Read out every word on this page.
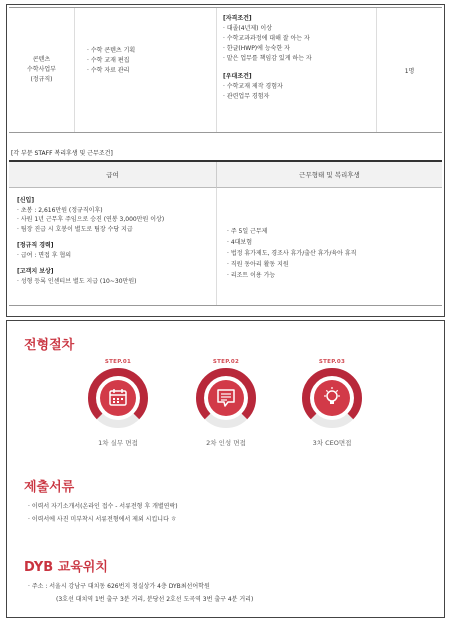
콘텐츠
수학사업부
(정규직)
· 수학 콘텐츠 기획
· 수학 교재 편집
· 수학 자료 관리
[자격조건]
· 대졸(4년제) 이상
· 수학교과과정에 대해 잘 아는 자
· 한글(HWP)에 능숙한 자
· 맡은 업무를 책임감 있게 하는 자
[우대조건]
· 수학교재 제작 경험자
· 관련업무 경험자
1명
[각 부문 STAFF 복리후생 및 근무조건]
급여	근무형태 및 복리후생
[신입]
· 초봉 : 2,616만원 (정규직이후)
· 사원 1년 근무후 주임으로 승진 (연봉 3,000만원 이상)
· 팀장 진급 시 호봉이 별도로 팀장 수당 지급
[정규직 경력]
· 급여 : 면접 후 협의
[고객지 보상]
· 성형 등록 인센티브 별도 지급 (10~30만원)
· 주 5일 근무제
· 4대보험
· 법정 휴가제도, 경조사 휴가/출산 휴가/육아 휴직
· 직원 동아리 활동 지원
· 리조트 이용 가능
전형절차
STEP.01
1차 실무 면접
STEP.02
2차 인성 면접
STEP.03
3차 CEO면접
제출서류
· 이력서 자기소개서(온라인 접수 - 서류전형 후 개별연락)
· 이력서에 사진 미부착시 서류전형에서 제외 시킵니다 ㅎ
DYB 교육위치
· 주소 : 서울시 강남구 대치동 626번지 청실상가 4층 DYB최선어학원
(3호선 대치역 1번 출구 3분 거리, 분당선 2호선 도곡역 3번 출구 4분 거리)
